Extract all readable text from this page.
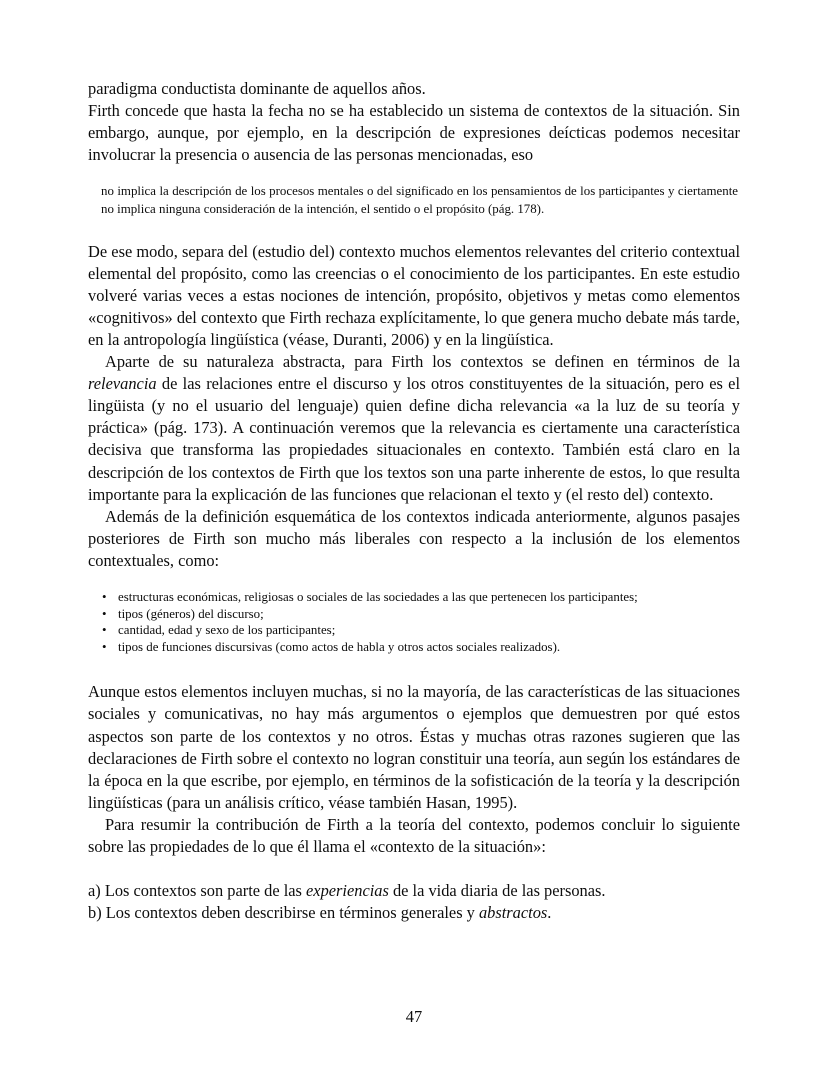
paradigma conductista dominante de aquellos años.

Firth concede que hasta la fecha no se ha establecido un sistema de contextos de la situación. Sin embargo, aunque, por ejemplo, en la descripción de expresiones deícticas podemos necesitar involucrar la presencia o ausencia de las personas mencionadas, eso

no implica la descripción de los procesos mentales o del significado en los pensamientos de los participantes y ciertamente no implica ninguna consideración de la intención, el sentido o el propósito (pág. 178).

De ese modo, separa del (estudio del) contexto muchos elementos relevantes del criterio contextual elemental del propósito, como las creencias o el conocimiento de los participantes. En este estudio volveré varias veces a estas nociones de intención, propósito, objetivos y metas como elementos «cognitivos» del contexto que Firth rechaza explícitamente, lo que genera mucho debate más tarde, en la antropología lingüística (véase, Duranti, 2006) y en la lingüística.

Aparte de su naturaleza abstracta, para Firth los contextos se definen en términos de la relevancia de las relaciones entre el discurso y los otros constituyentes de la situación, pero es el lingüista (y no el usuario del lenguaje) quien define dicha relevancia «a la luz de su teoría y práctica» (pág. 173). A continuación veremos que la relevancia es ciertamente una característica decisiva que transforma las propiedades situacionales en contexto. También está claro en la descripción de los contextos de Firth que los textos son una parte inherente de estos, lo que resulta importante para la explicación de las funciones que relacionan el texto y (el resto del) contexto.

Además de la definición esquemática de los contextos indicada anteriormente, algunos pasajes posteriores de Firth son mucho más liberales con respecto a la inclusión de los elementos contextuales, como:

• estructuras económicas, religiosas o sociales de las sociedades a las que pertenecen los participantes;
• tipos (géneros) del discurso;
• cantidad, edad y sexo de los participantes;
• tipos de funciones discursivas (como actos de habla y otros actos sociales realizados).

Aunque estos elementos incluyen muchas, si no la mayoría, de las características de las situaciones sociales y comunicativas, no hay más argumentos o ejemplos que demuestren por qué estos aspectos son parte de los contextos y no otros. Éstas y muchas otras razones sugieren que las declaraciones de Firth sobre el contexto no logran constituir una teoría, aun según los estándares de la época en la que escribe, por ejemplo, en términos de la sofisticación de la teoría y la descripción lingüísticas (para un análisis crítico, véase también Hasan, 1995).

Para resumir la contribución de Firth a la teoría del contexto, podemos concluir lo siguiente sobre las propiedades de lo que él llama el «contexto de la situación»:

a) Los contextos son parte de las experiencias de la vida diaria de las personas.

b) Los contextos deben describirse en términos generales y abstractos.

47
